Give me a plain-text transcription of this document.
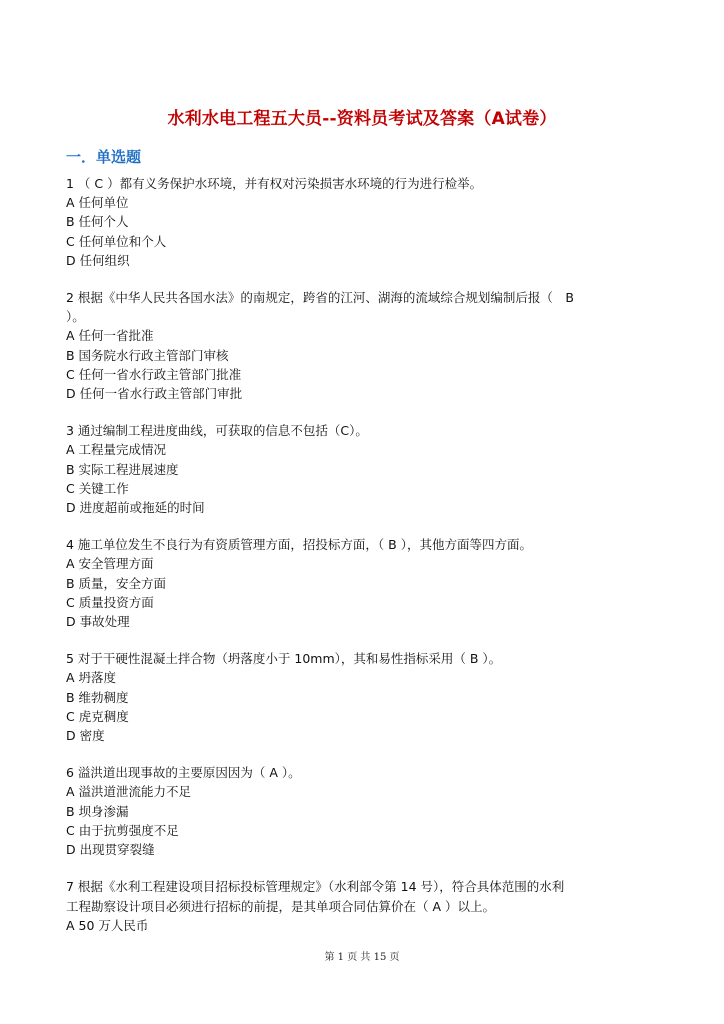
水利水电工程五大员--资料员考试及答案（A试卷）
一．单选题
1 （ C ）都有义务保护水环境，并有权对污染损害水环境的行为进行检举。
A 任何单位
B 任何个人
C 任何单位和个人
D 任何组织
2 根据《中华人民共各国水法》的南规定，跨省的江河、湖海的流域综合规划编制后报（　B
）。
A 任何一省批准
B 国务院水行政主管部门审核
C 任何一省水行政主管部门批准
D 任何一省水行政主管部门审批
3 通过编制工程进度曲线，可获取的信息不包括（C）。
A 工程量完成情况
B 实际工程进展速度
C 关键工作
D 进度超前或拖延的时间
4 施工单位发生不良行为有资质管理方面，招投标方面，（ B ），其他方面等四方面。
A 安全管理方面
B 质量，安全方面
C 质量投资方面
D 事故处理
5 对于干硬性混凝土拌合物（坍落度小于 10mm），其和易性指标采用（ B ）。
A 坍落度
B 维勃稠度
C 虎克稠度
D 密度
6 溢洪道出现事故的主要原因因为（ A ）。
A 溢洪道泄流能力不足
B 坝身渗漏
C 由于抗剪强度不足
D 出现贯穿裂缝
7 根据《水利工程建设项目招标投标管理规定》（水利部令第 14 号），符合具体范围的水利
工程勘察设计项目必须进行招标的前提，是其单项合同估算价在（ A ）以上。
A 50 万人民币
第 1 页 共 15 页
